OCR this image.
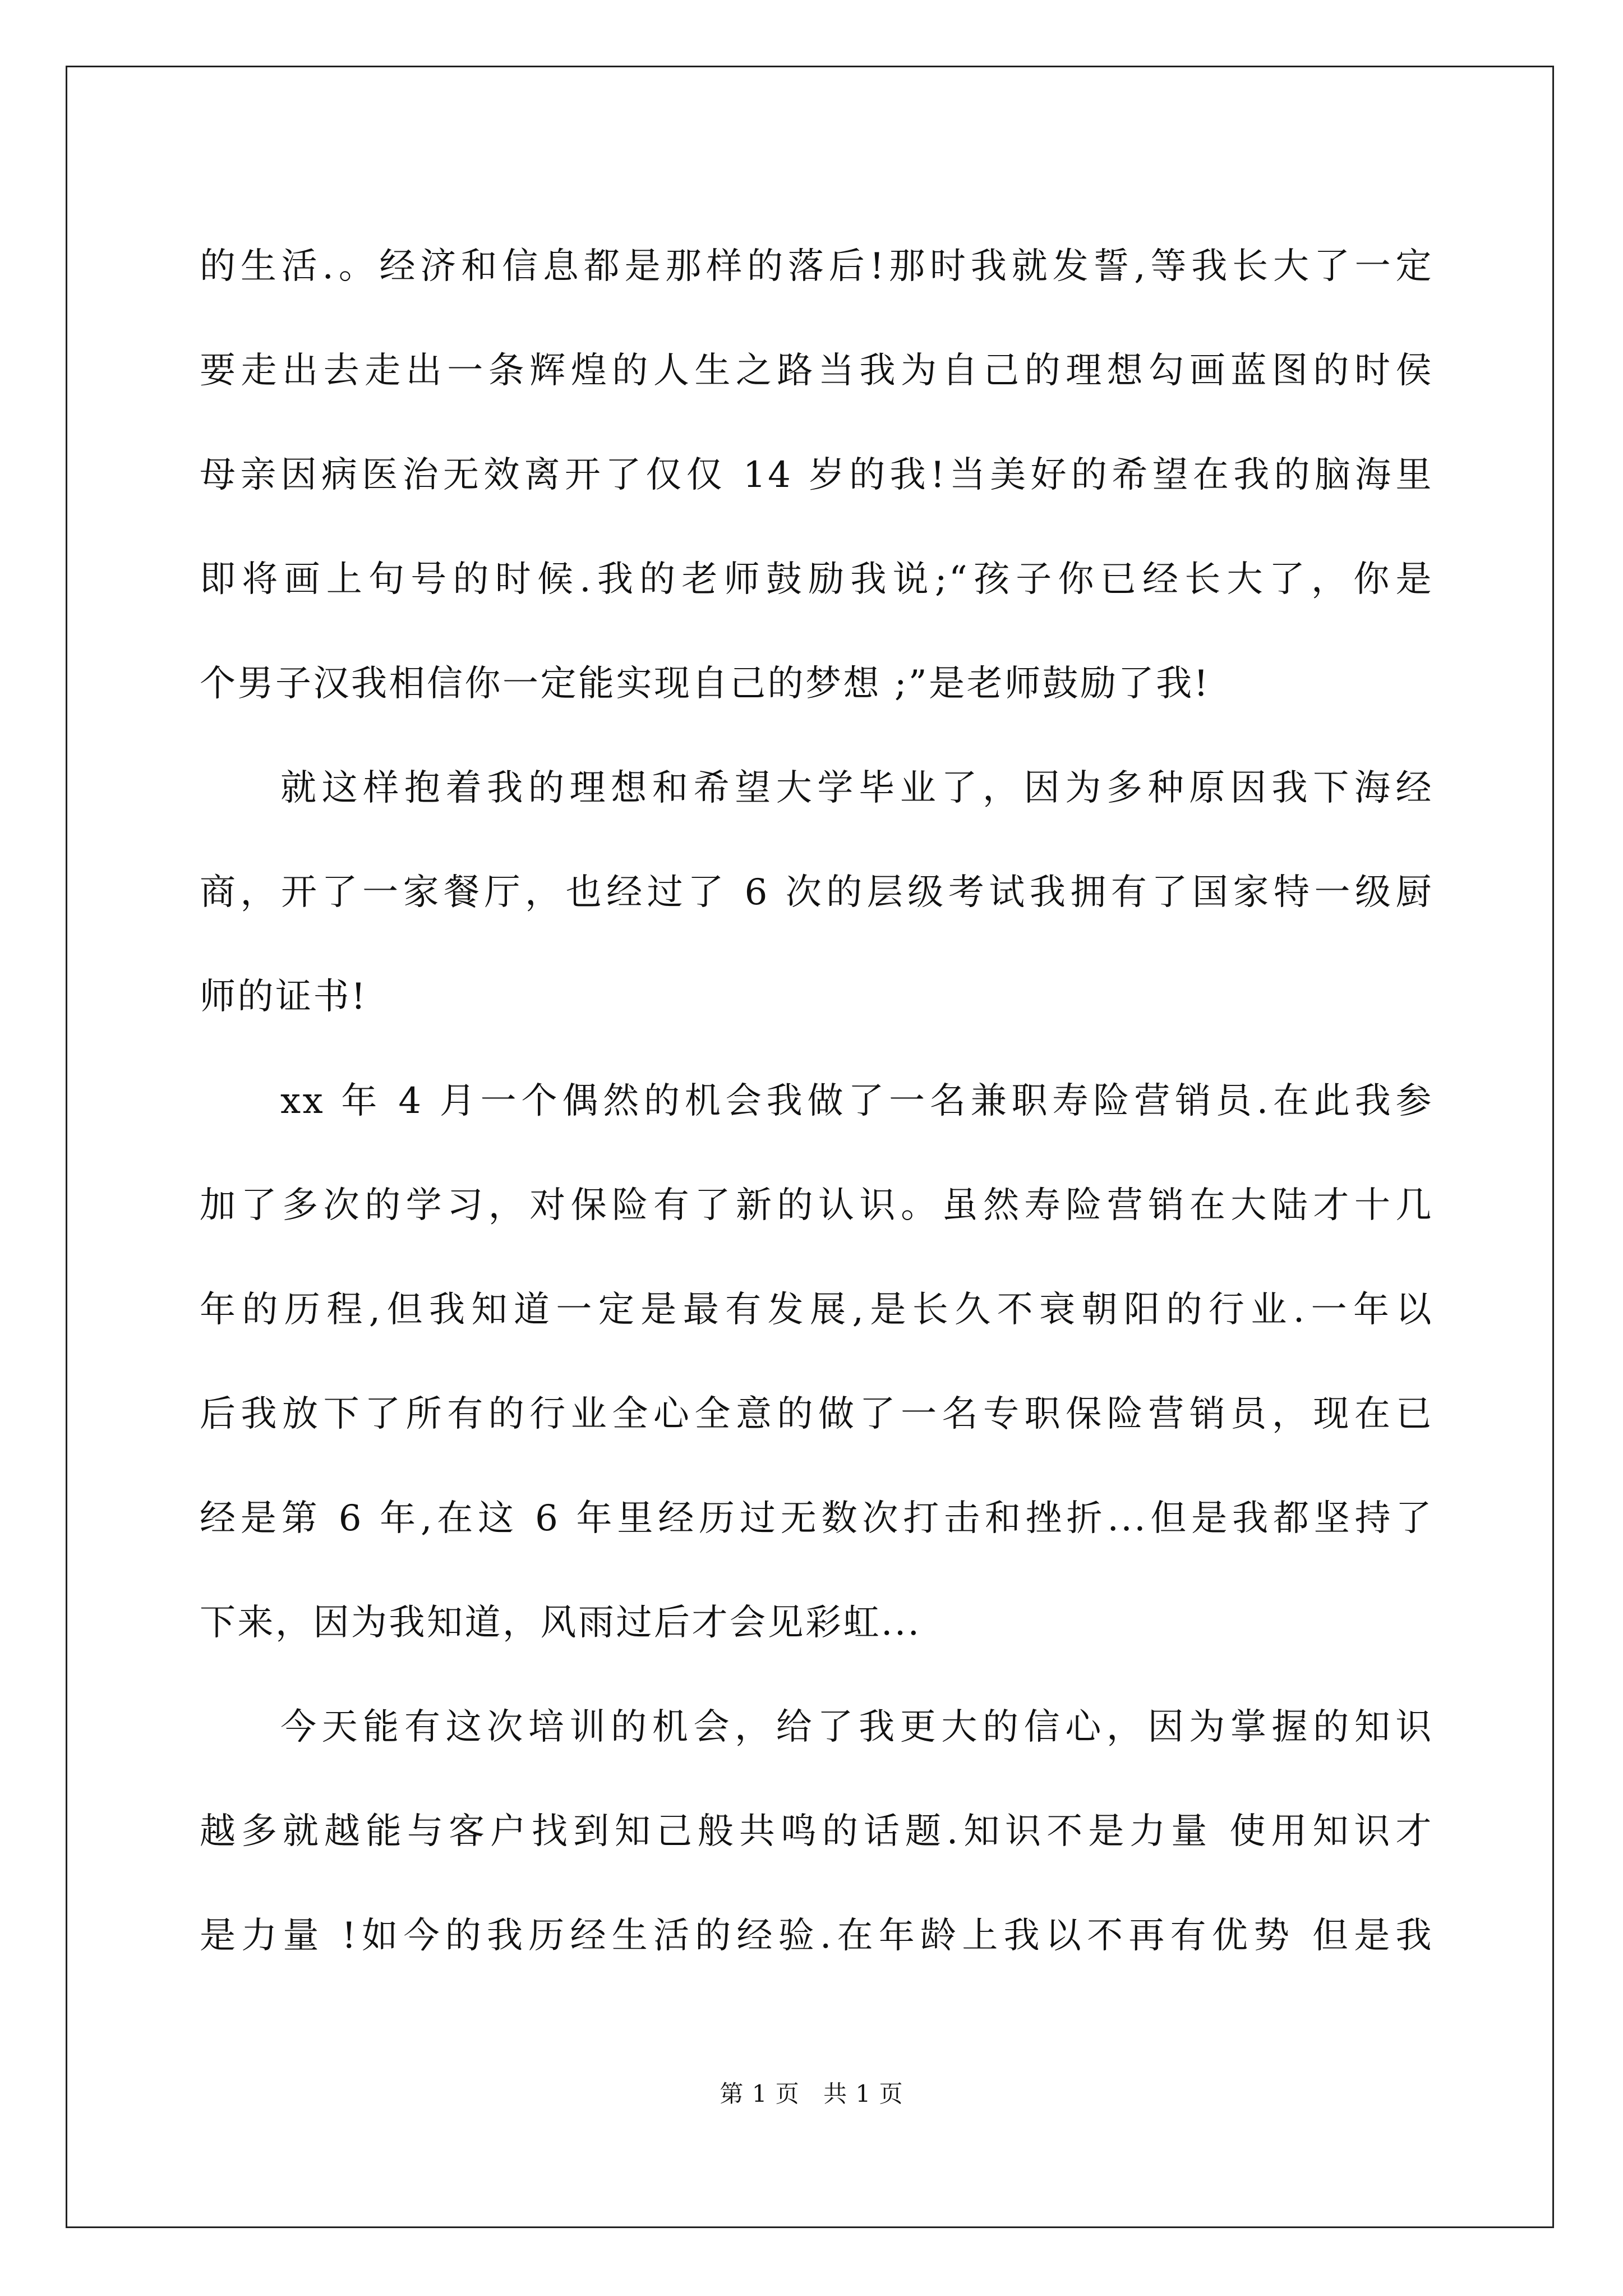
的生活.。经济和信息都是那样的落后!那时我就发誓,等我长大了一定
要走出去走出一条辉煌的人生之路当我为自己的理想勾画蓝图的时侯
母亲因病医治无效离开了仅仅 14 岁的我!当美好的希望在我的脑海里
即将画上句号的时候.我的老师鼓励我说;“孩子你已经长大了，你是
个男子汉我相信你一定能实现自己的梦想 ;”是老师鼓励了我!
就这样抱着我的理想和希望大学毕业了，因为多种原因我下海经
商，开了一家餐厅，也经过了 6 次的层级考试我拥有了国家特一级厨
师的证书!
xx 年 4 月一个偶然的机会我做了一名兼职寿险营销员.在此我参
加了多次的学习，对保险有了新的认识。虽然寿险营销在大陆才十几
年的历程,但我知道一定是最有发展,是长久不衰朝阳的行业.一年以
后我放下了所有的行业全心全意的做了一名专职保险营销员，现在已
经是第 6 年,在这 6 年里经历过无数次打击和挫折...但是我都坚持了
下来，因为我知道，风雨过后才会见彩虹...
今天能有这次培训的机会，给了我更大的信心，因为掌握的知识
越多就越能与客户找到知己般共鸣的话题.知识不是力量 使用知识才
是力量 !如今的我历经生活的经验.在年龄上我以不再有优势 但是我
第 1 页 共 1 页
